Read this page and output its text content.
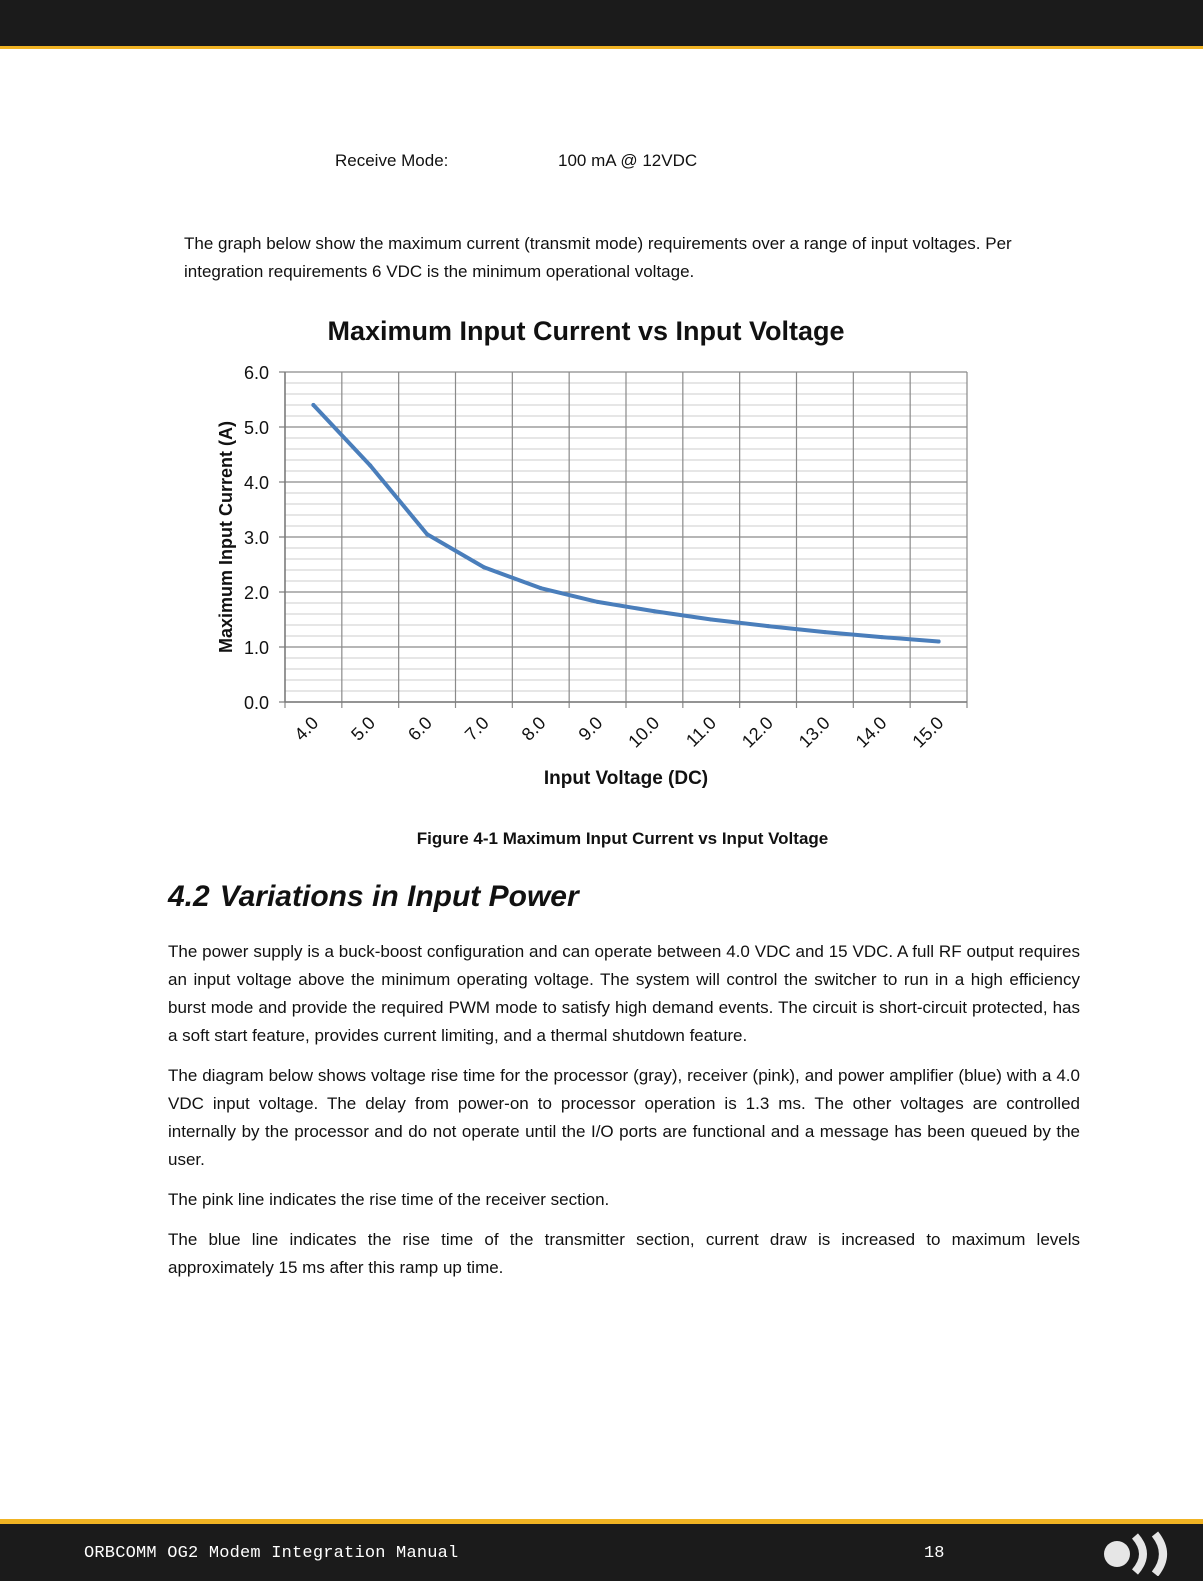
Receive Mode:	100 mA @ 12VDC

The graph below show the maximum current (transmit mode) requirements over a range of input voltages. Per integration requirements 6 VDC is the minimum operational voltage.

Maximum Input Current vs Input Voltage
0.0
1.0
2.0
3.0
4.0
5.0
6.0
4.0 5.0 6.0 7.0 8.0 9.0 10.0 11.0 12.0 13.0 14.0 15.0
Input Voltage (DC)
Maximum Input Current (A)

Figure 4-1 Maximum Input Current vs Input Voltage

4.2 Variations in Input Power

The power supply is a buck-boost configuration and can operate between 4.0 VDC and 15 VDC. A full RF output requires an input voltage above the minimum operating voltage. The system will control the switcher to run in a high efficiency burst mode and provide the required PWM mode to satisfy high demand events. The circuit is short-circuit protected, has a soft start feature, provides current limiting, and a thermal shutdown feature.

The diagram below shows voltage rise time for the processor (gray), receiver (pink), and power amplifier (blue) with a 4.0 VDC input voltage. The delay from power-on to processor operation is 1.3 ms. The other voltages are controlled internally by the processor and do not operate until the I/O ports are functional and a message has been queued by the user.

The pink line indicates the rise time of the receiver section.

The blue line indicates the rise time of the transmitter section, current draw is increased to maximum levels approximately 15 ms after this ramp up time.

ORBCOMM OG2 Modem Integration Manual	18
